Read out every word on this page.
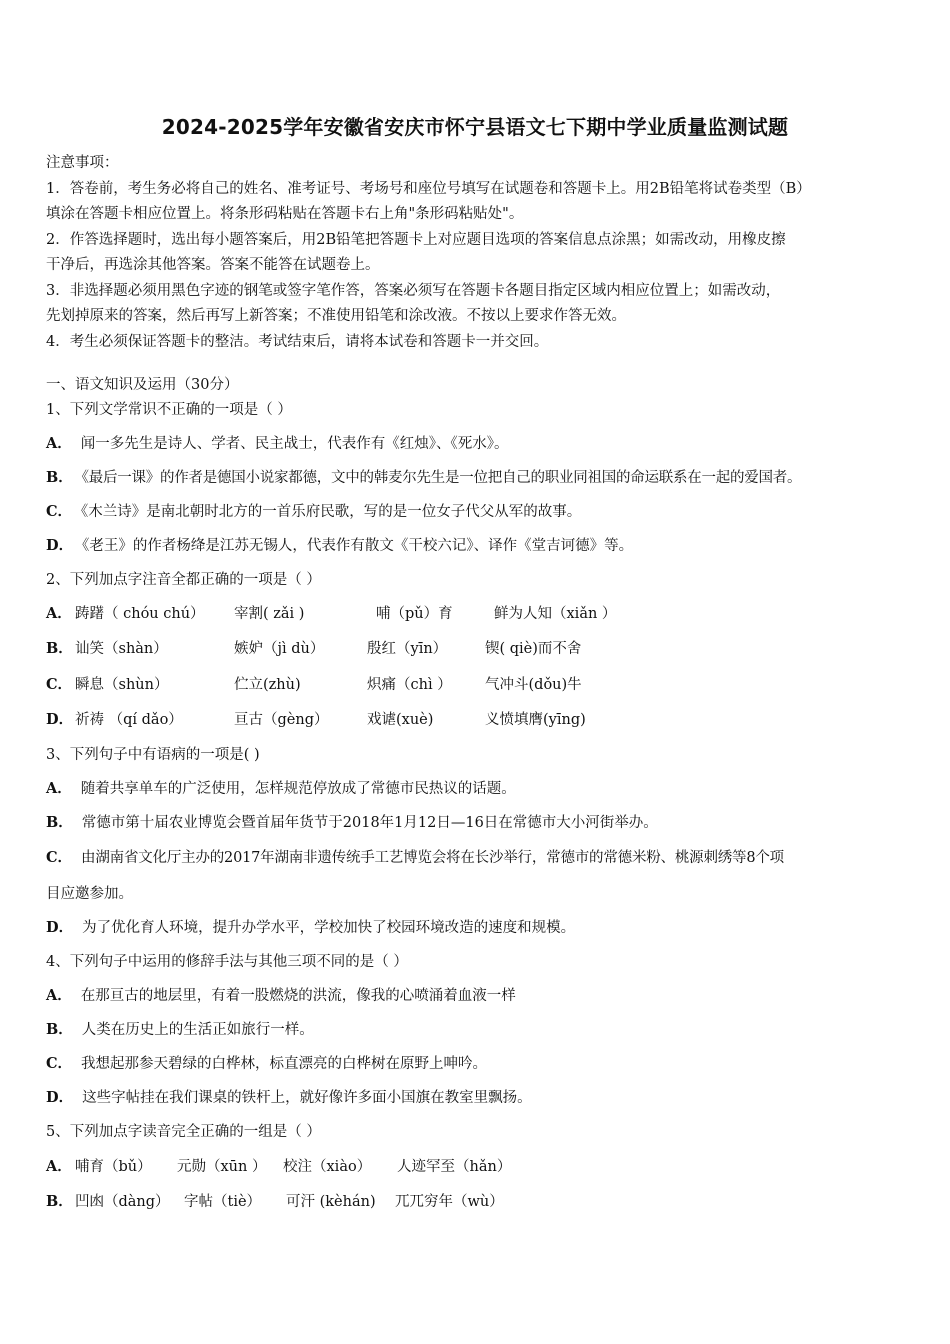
2024-2025学年安徽省安庆市怀宁县语文七下期中学业质量监测试题
注意事项：
1．答卷前，考生务必将自己的姓名、准考证号、考场号和座位号填写在试题卷和答题卡上。用2B铅笔将试卷类型（B）
填涂在答题卡相应位置上。将条形码粘贴在答题卡右上角"条形码粘贴处"。
2．作答选择题时，选出每小题答案后，用2B铅笔把答题卡上对应题目选项的答案信息点涂黑；如需改动，用橡皮擦
干净后，再选涂其他答案。答案不能答在试题卷上。
3．非选择题必须用黑色字迹的钢笔或签字笔作答，答案必须写在答题卡各题目指定区域内相应位置上；如需改动，
先划掉原来的答案，然后再写上新答案；不准使用铅笔和涂改液。不按以上要求作答无效。
4．考生必须保证答题卡的整洁。考试结束后，请将本试卷和答题卡一并交回。
一、语文知识及运用（30分）
1、下列文学常识不正确的一项是（ ）
A． 闻一多先生是诗人、学者、民主战士，代表作有《红烛》、《死水》。
B． 《最后一课》的作者是德国小说家都德，文中的韩麦尔先生是一位把自己的职业同祖国的命运联系在一起的爱国者。
C． 《木兰诗》是南北朝时北方的一首乐府民歌，写的是一位女子代父从军的故事。
D． 《老王》的作者杨绛是江苏无锡人，代表作有散文《干校六记》、译作《堂吉诃德》等。
2、下列加点字注音全都正确的一项是（ ）
A． 踌躇（ chóu chú） 宰割( zǎi )	哺（pǔ）育	鲜为人知（xiǎn ）
B． 讪笑（shàn）	嫉妒（jì dù）	殷红（yīn）	锲( qiè)而不舍
C． 瞬息（shùn）	伫立(zhù)	炽痛（chì ） 气冲斗(dǒu)牛
D． 祈祷 （qí dǎo）	亘古（gèng）	戏谑(xuè)	义愤填膺(yīng)
3、下列句子中有语病的一项是( )
A． 随着共享单车的广泛使用，怎样规范停放成了常德市民热议的话题。
B． 常德市第十届农业博览会暨首届年货节于2018年1月12日—16日在常德市大小河街举办。
C． 由湖南省文化厅主办的2017年湖南非遗传统手工艺博览会将在长沙举行，常德市的常德米粉、桃源刺绣等8个项
目应邀参加。
D． 为了优化育人环境，提升办学水平，学校加快了校园环境改造的速度和规模。
4、下列句子中运用的修辞手法与其他三项不同的是（ ）
A． 在那亘古的地层里，有着一股燃烧的洪流，像我的心喷涌着血液一样
B． 人类在历史上的生活正如旅行一样。
C． 我想起那参天碧绿的白桦林，标直漂亮的白桦树在原野上呻吟。
D． 这些字帖挂在我们课桌的铁杆上，就好像许多面小国旗在教室里飘扬。
5、下列加点字读音完全正确的一组是（ ）
A． 哺育（bǔ） 元勋（xūn ） 校注（xiào） 人迹罕至（hǎn）
B． 凹凼（dàng） 字帖（tiè） 可汗 (kèhán) 兀兀穷年（wù）
